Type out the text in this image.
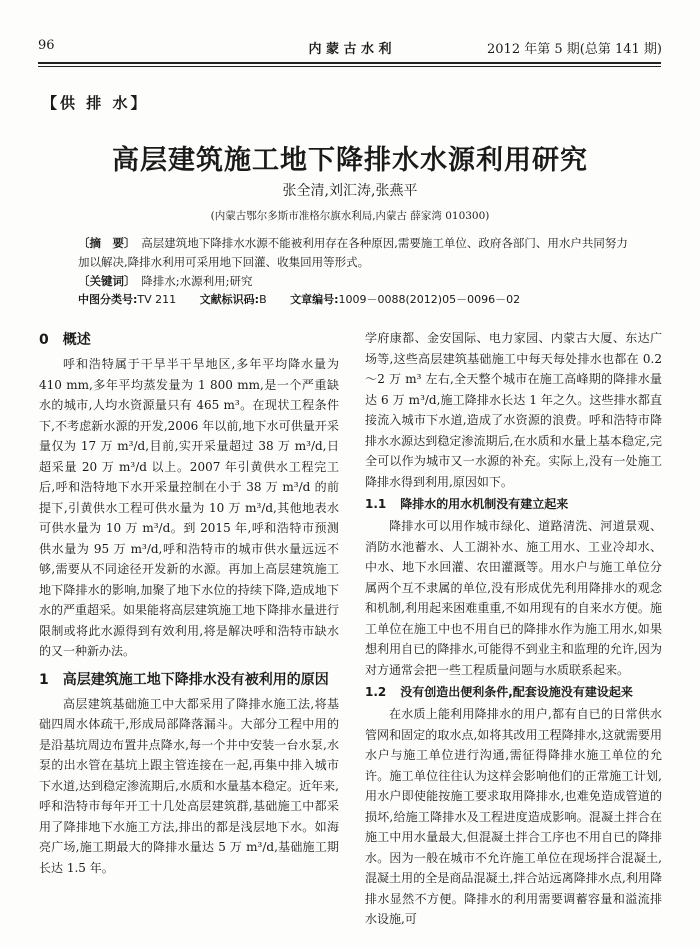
96	内 蒙 古 水 利	2012 年第 5 期(总第 141 期)
【供 排 水】
高层建筑施工地下降排水水源利用研究
张全清,刘汇涛,张燕平
(内蒙古鄂尔多斯市准格尔旗水利局,内蒙古 薛家湾 010300)

〔摘　要〕　 高层建筑地下降排水水源不能被利用存在各种原因,需要施工单位、政府各部门、用水户共同努力加以解决,降排水利用可采用地下回灌、收集回用等形式。

〔关键词〕　 降排水;水源利用;研究

中图分类号:TV 211 文献标识码:B 文章编号:1009－0088(2012)05－0096－02
0 概述

呼和浩特属于干旱半干旱地区,多年平均降水量为410 mm,多年平均蒸发量为 1 800 mm,是一个严重缺水的城市,人均水资源量只有 465 m³。在现状工程条件下,不考虑新水源的开发,2006 年以前,地下水可供量开采量仅为 17 万 m³/d,目前,实开采量超过 38 万 m³/d,日超采量 20 万 m³/d 以上。2007 年引黄供水工程完工后,呼和浩特地下水开采量控制在小于 38 万 m³/d 的前提下,引黄供水工程可供水量为 10 万 m³/d,其他地表水可供水量为 10 万 m³/d。到 2015 年,呼和浩特市预测供水量为 95 万 m³/d,呼和浩特市的城市供水量远远不够,需要从不同途径开发新的水源。再加上高层建筑施工地下降排水的影响,加聚了地下水位的持续下降,造成地下水的严重超采。如果能将高层建筑施工地下降排水量进行限制或将此水源得到有效利用,将是解决呼和浩特市缺水的又一种新办法。

1 高层建筑施工地下降排水没有被利用的原因

高层建筑基础施工中大都采用了降排水施工法,将基础四周水体疏干,形成局部降落漏斗。大部分工程中用的是沿基坑周边布置井点降水,每一个井中安装一台水泵,水泵的出水管在基坑上跟主管连接在一起,再集中排入城市下水道,达到稳定渗流期后,水质和水量基本稳定。近年来,呼和浩特市每年开工十几处高层建筑群,基础施工中都采用了降排地下水施工方法,排出的都是浅层地下水。如海亮广场,施工期最大的降排水量达 5 万 m³/d,基础施工期长达 1.5 年。

学府康都、金安国际、电力家园、内蒙古大厦、东达广场等,这些高层建筑基础施工中每天每处排水也都在 0.2～2 万 m³ 左右,全天整个城市在施工高峰期的降排水量达 6 万 m³/d,施工降排水长达 1 年之久。这些排水都直接流入城市下水道,造成了水资源的浪费。呼和浩特市降排水水源达到稳定渗流期后,在水质和水量上基本稳定,完全可以作为城市又一水源的补充。实际上,没有一处施工降排水得到利用,原因如下。

1.1 降排水的用水机制没有建立起来

降排水可以用作城市绿化、道路清洗、河道景观、消防水池蓄水、人工湖补水、施工用水、工业冷却水、中水、地下水回灌、农田灌溉等。用水户与施工单位分属两个互不隶属的单位,没有形成优先利用降排水的观念和机制,利用起来困难重重,不如用现有的自来水方便。施工单位在施工中也不用自已的降排水作为施工用水,如果想利用自已的降排水,可能得不到业主和监理的允许,因为对方通常会把一些工程质量问题与水质联系起来。

1.2 没有创造出便利条件,配套设施没有建设起来

在水质上能利用降排水的用户,都有自已的日常供水管网和固定的取水点,如将其改用工程降排水,这就需要用水户与施工单位进行沟通,需征得降排水施工单位的允许。施工单位往往认为这样会影响他们的正常施工计划,用水户即使能按施工要求取用降排水,也难免造成管道的损坏,给施工降排水及工程进度造成影响。混凝土拌合在施工中用水量最大,但混凝土拌合工序也不用自已的降排水。因为一般在城市不允许施工单位在现场拌合混凝土,混凝土用的全是商品混凝土,拌合站远离降排水点,利用降排水显然不方便。降排水的利用需要调蓄容量和溢流排水设施,可
